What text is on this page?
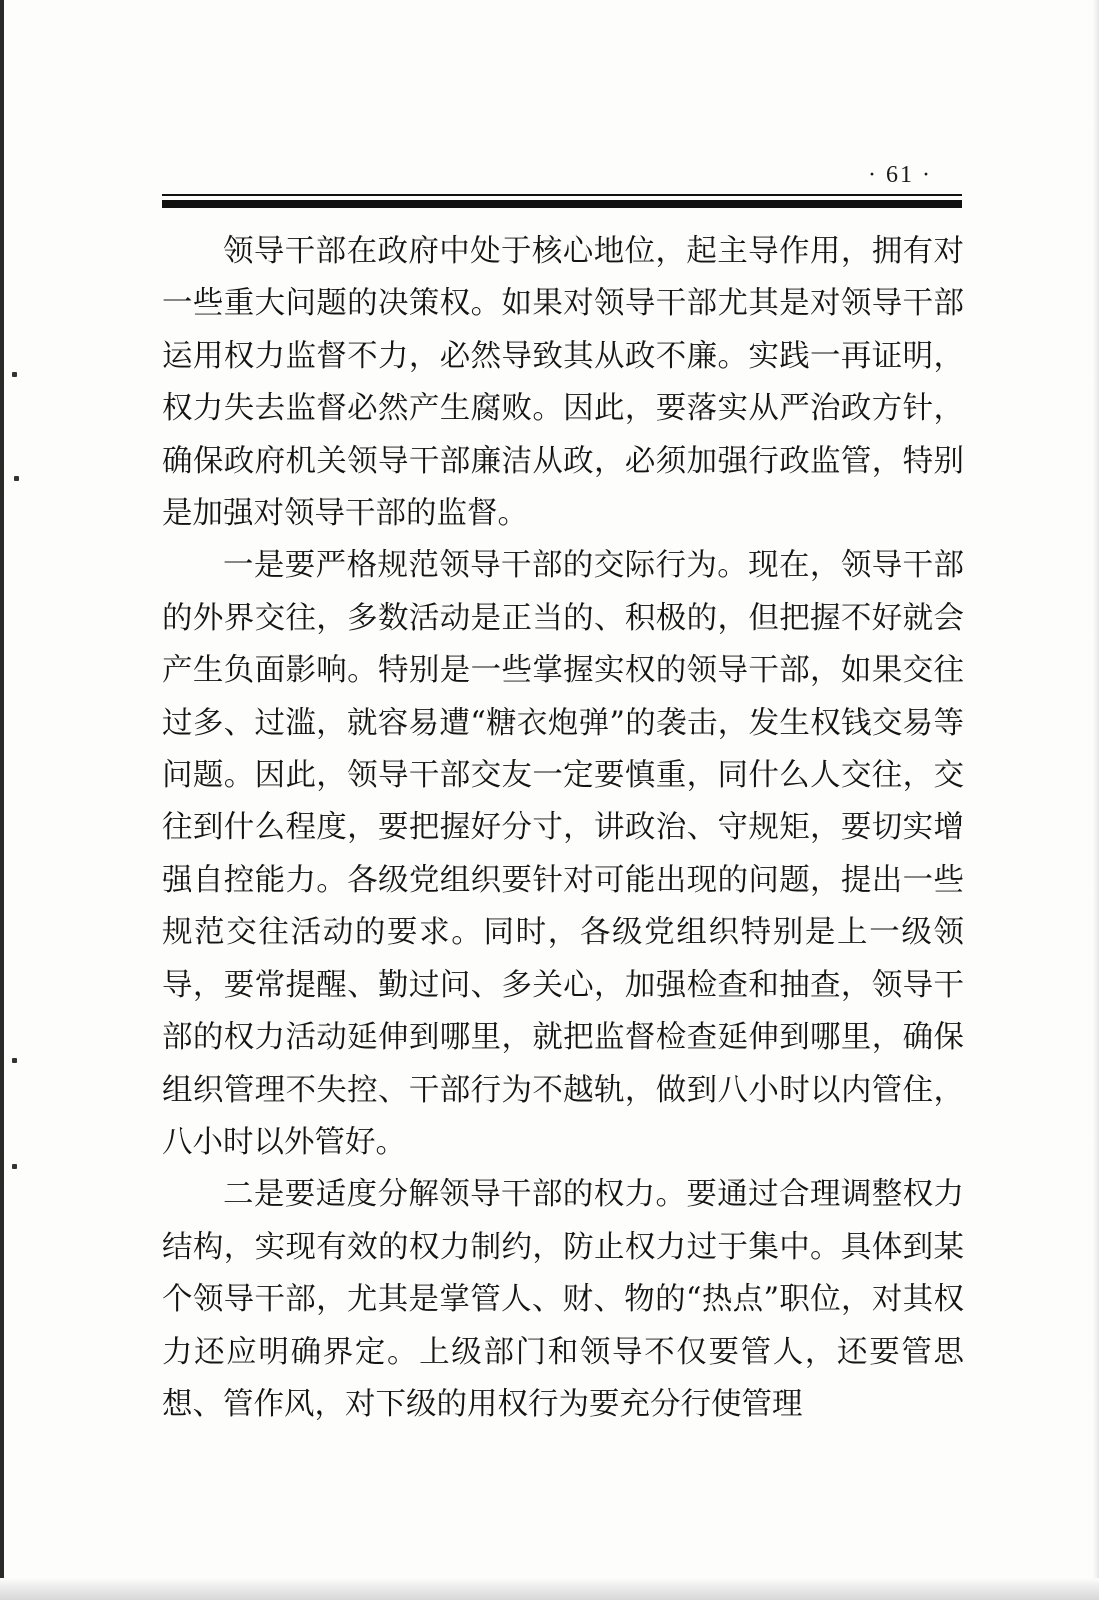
· 61 ·

领导干部在政府中处于核心地位，起主导作用，拥有对一些重大问题的决策权。如果对领导干部尤其是对领导干部运用权力监督不力，必然导致其从政不廉。实践一再证明，权力失去监督必然产生腐败。因此，要落实从严治政方针，确保政府机关领导干部廉洁从政，必须加强行政监管，特别是加强对领导干部的监督。

一是要严格规范领导干部的交际行为。现在，领导干部的外界交往，多数活动是正当的、积极的，但把握不好就会产生负面影响。特别是一些掌握实权的领导干部，如果交往过多、过滥，就容易遭“糖衣炮弹”的袭击，发生权钱交易等问题。因此，领导干部交友一定要慎重，同什么人交往，交往到什么程度，要把握好分寸，讲政治、守规矩，要切实增强自控能力。各级党组织要针对可能出现的问题，提出一些规范交往活动的要求。同时，各级党组织特别是上一级领导，要常提醒、勤过问、多关心，加强检查和抽查，领导干部的权力活动延伸到哪里，就把监督检查延伸到哪里，确保组织管理不失控、干部行为不越轨，做到八小时以内管住，八小时以外管好。

二是要适度分解领导干部的权力。要通过合理调整权力结构，实现有效的权力制约，防止权力过于集中。具体到某个领导干部，尤其是掌管人、财、物的“热点”职位，对其权力还应明确界定。上级部门和领导不仅要管人，还要管思想、管作风，对下级的用权行为要充分行使管理
